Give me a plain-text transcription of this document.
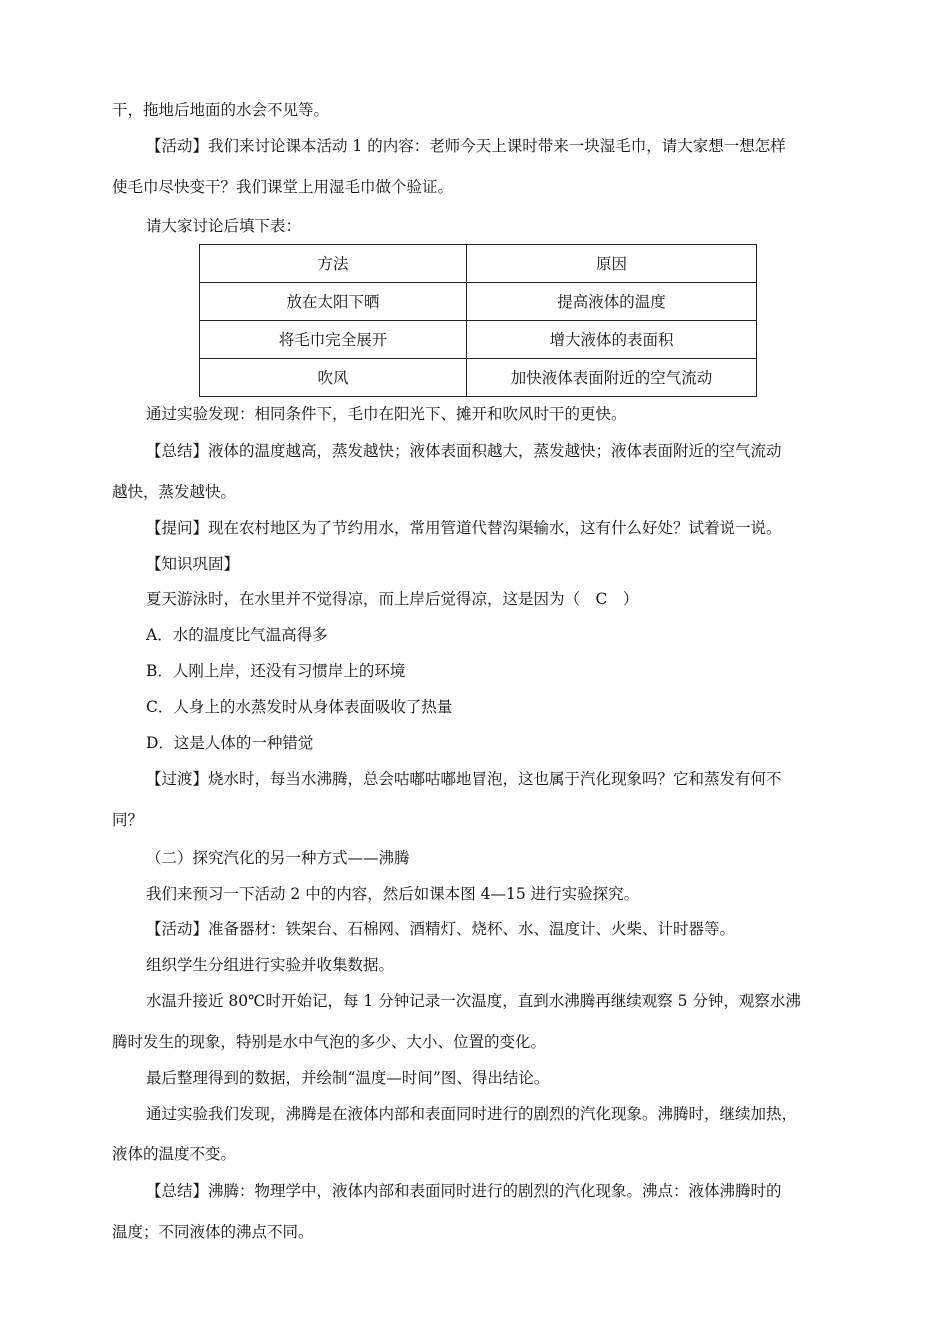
干，拖地后地面的水会不见等。
【活动】我们来讨论课本活动 1 的内容：老师今天上课时带来一块湿毛巾，请大家想一想怎样
使毛巾尽快变干？我们课堂上用湿毛巾做个验证。
请大家讨论后填下表：
方法	原因
放在太阳下晒	提高液体的温度
将毛巾完全展开	增大液体的表面积
吹风	加快液体表面附近的空气流动
通过实验发现：相同条件下，毛巾在阳光下、摊开和吹风时干的更快。
【总结】液体的温度越高，蒸发越快；液体表面积越大，蒸发越快；液体表面附近的空气流动
越快，蒸发越快。
【提问】现在农村地区为了节约用水，常用管道代替沟渠输水，这有什么好处？试着说一说。
【知识巩固】
夏天游泳时，在水里并不觉得凉，而上岸后觉得凉，这是因为（　C　）
A．水的温度比气温高得多
B．人刚上岸，还没有习惯岸上的环境
C．人身上的水蒸发时从身体表面吸收了热量
D．这是人体的一种错觉
【过渡】烧水时，每当水沸腾，总会咕嘟咕嘟地冒泡，这也属于汽化现象吗？它和蒸发有何不
同？
（二）探究汽化的另一种方式——沸腾
我们来预习一下活动 2 中的内容，然后如课本图 4—15 进行实验探究。
【活动】准备器材：铁架台、石棉网、酒精灯、烧杯、水、温度计、火柴、计时器等。
组织学生分组进行实验并收集数据。
水温升接近 80℃时开始记，每 1 分钟记录一次温度，直到水沸腾再继续观察 5 分钟，观察水沸
腾时发生的现象，特别是水中气泡的多少、大小、位置的变化。
最后整理得到的数据，并绘制“温度—时间”图、得出结论。
通过实验我们发现，沸腾是在液体内部和表面同时进行的剧烈的汽化现象。沸腾时，继续加热，
液体的温度不变。
【总结】沸腾：物理学中，液体内部和表面同时进行的剧烈的汽化现象。沸点：液体沸腾时的
温度；不同液体的沸点不同。
